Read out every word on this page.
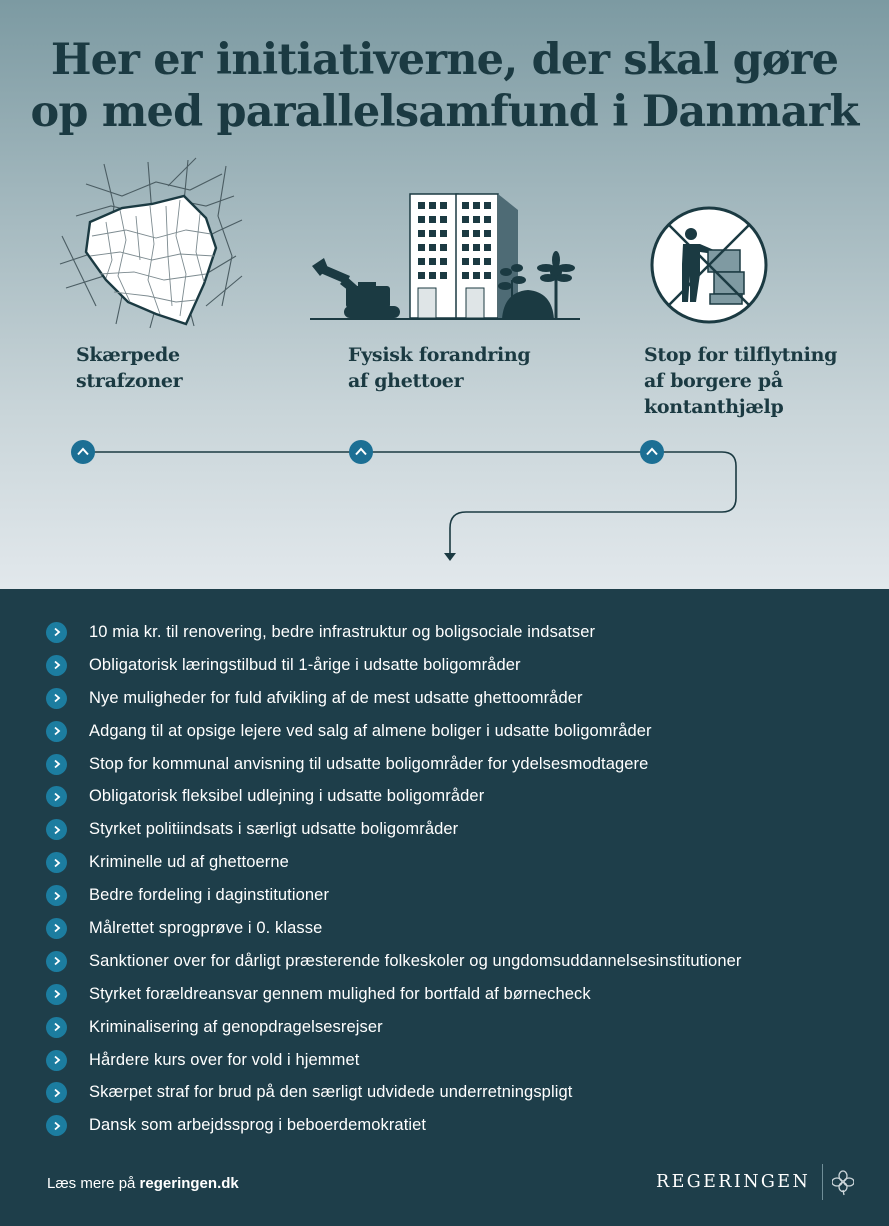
Her er initiativerne, der skal gøre
op med parallelsamfund i Danmark
Skærpede
strafzoner
Fysisk forandring
af ghettoer
Stop for tilflytning
af borgere på
kontanthjælp
10 mia kr. til renovering, bedre infrastruktur og boligsociale indsatser
Obligatorisk læringstilbud til 1-årige i udsatte boligområder
Nye muligheder for fuld afvikling af de mest udsatte ghettoområder
Adgang til at opsige lejere ved salg af almene boliger i udsatte boligområder
Stop for kommunal anvisning til udsatte boligområder for ydelsesmodtagere
Obligatorisk fleksibel udlejning i udsatte boligområder
Styrket politiindsats i særligt udsatte boligområder
Kriminelle ud af ghettoerne
Bedre fordeling i daginstitutioner
Målrettet sprogprøve i 0. klasse
Sanktioner over for dårligt præsterende folkeskoler og ungdomsuddannelsesinstitutioner
Styrket forældreansvar gennem mulighed for bortfald af børnecheck
Kriminalisering af genopdragelsesrejser
Hårdere kurs over for vold i hjemmet
Skærpet straf for brud på den særligt udvidede underretningspligt
Dansk som arbejdssprog i beboerdemokratiet
Læs mere på regeringen.dk	REGERINGEN
